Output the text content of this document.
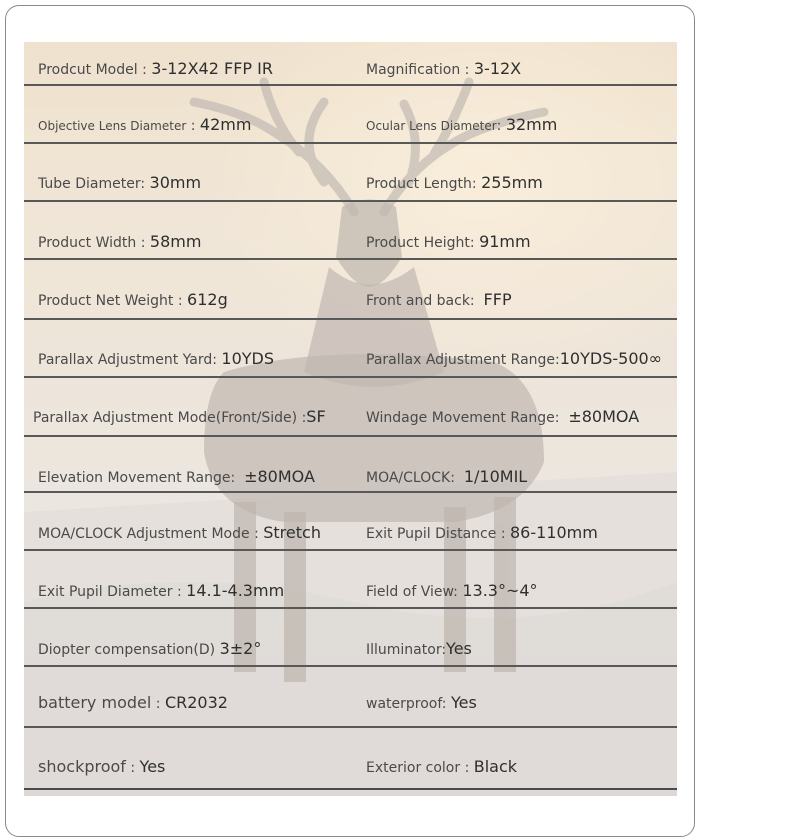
Prodcut Model : 3-12X42 FFP IR	Magnification : 3-12X
Objective Lens Diameter : 42mm	Ocular Lens Diameter: 32mm
Tube Diameter: 30mm	Product Length: 255mm
Product Width : 58mm	Product Height: 91mm
Product Net Weight : 612g	Front and back:  FFP
Parallax Adjustment Yard: 10YDS	Parallax Adjustment Range:10YDS-500∞
Parallax Adjustment Mode(Front/Side) :SF	Windage Movement Range:  ±80MOA
Elevation Movement Range:  ±80MOA	MOA/CLOCK:  1/10MIL
MOA/CLOCK Adjustment Mode : Stretch	Exit Pupil Distance : 86-110mm
Exit Pupil Diameter : 14.1-4.3mm	Field of View: 13.3°~4°
Diopter compensation(D) 3±2°	Illuminator:Yes
battery model : CR2032	waterproof: Yes
shockproof : Yes	Exterior color : Black
